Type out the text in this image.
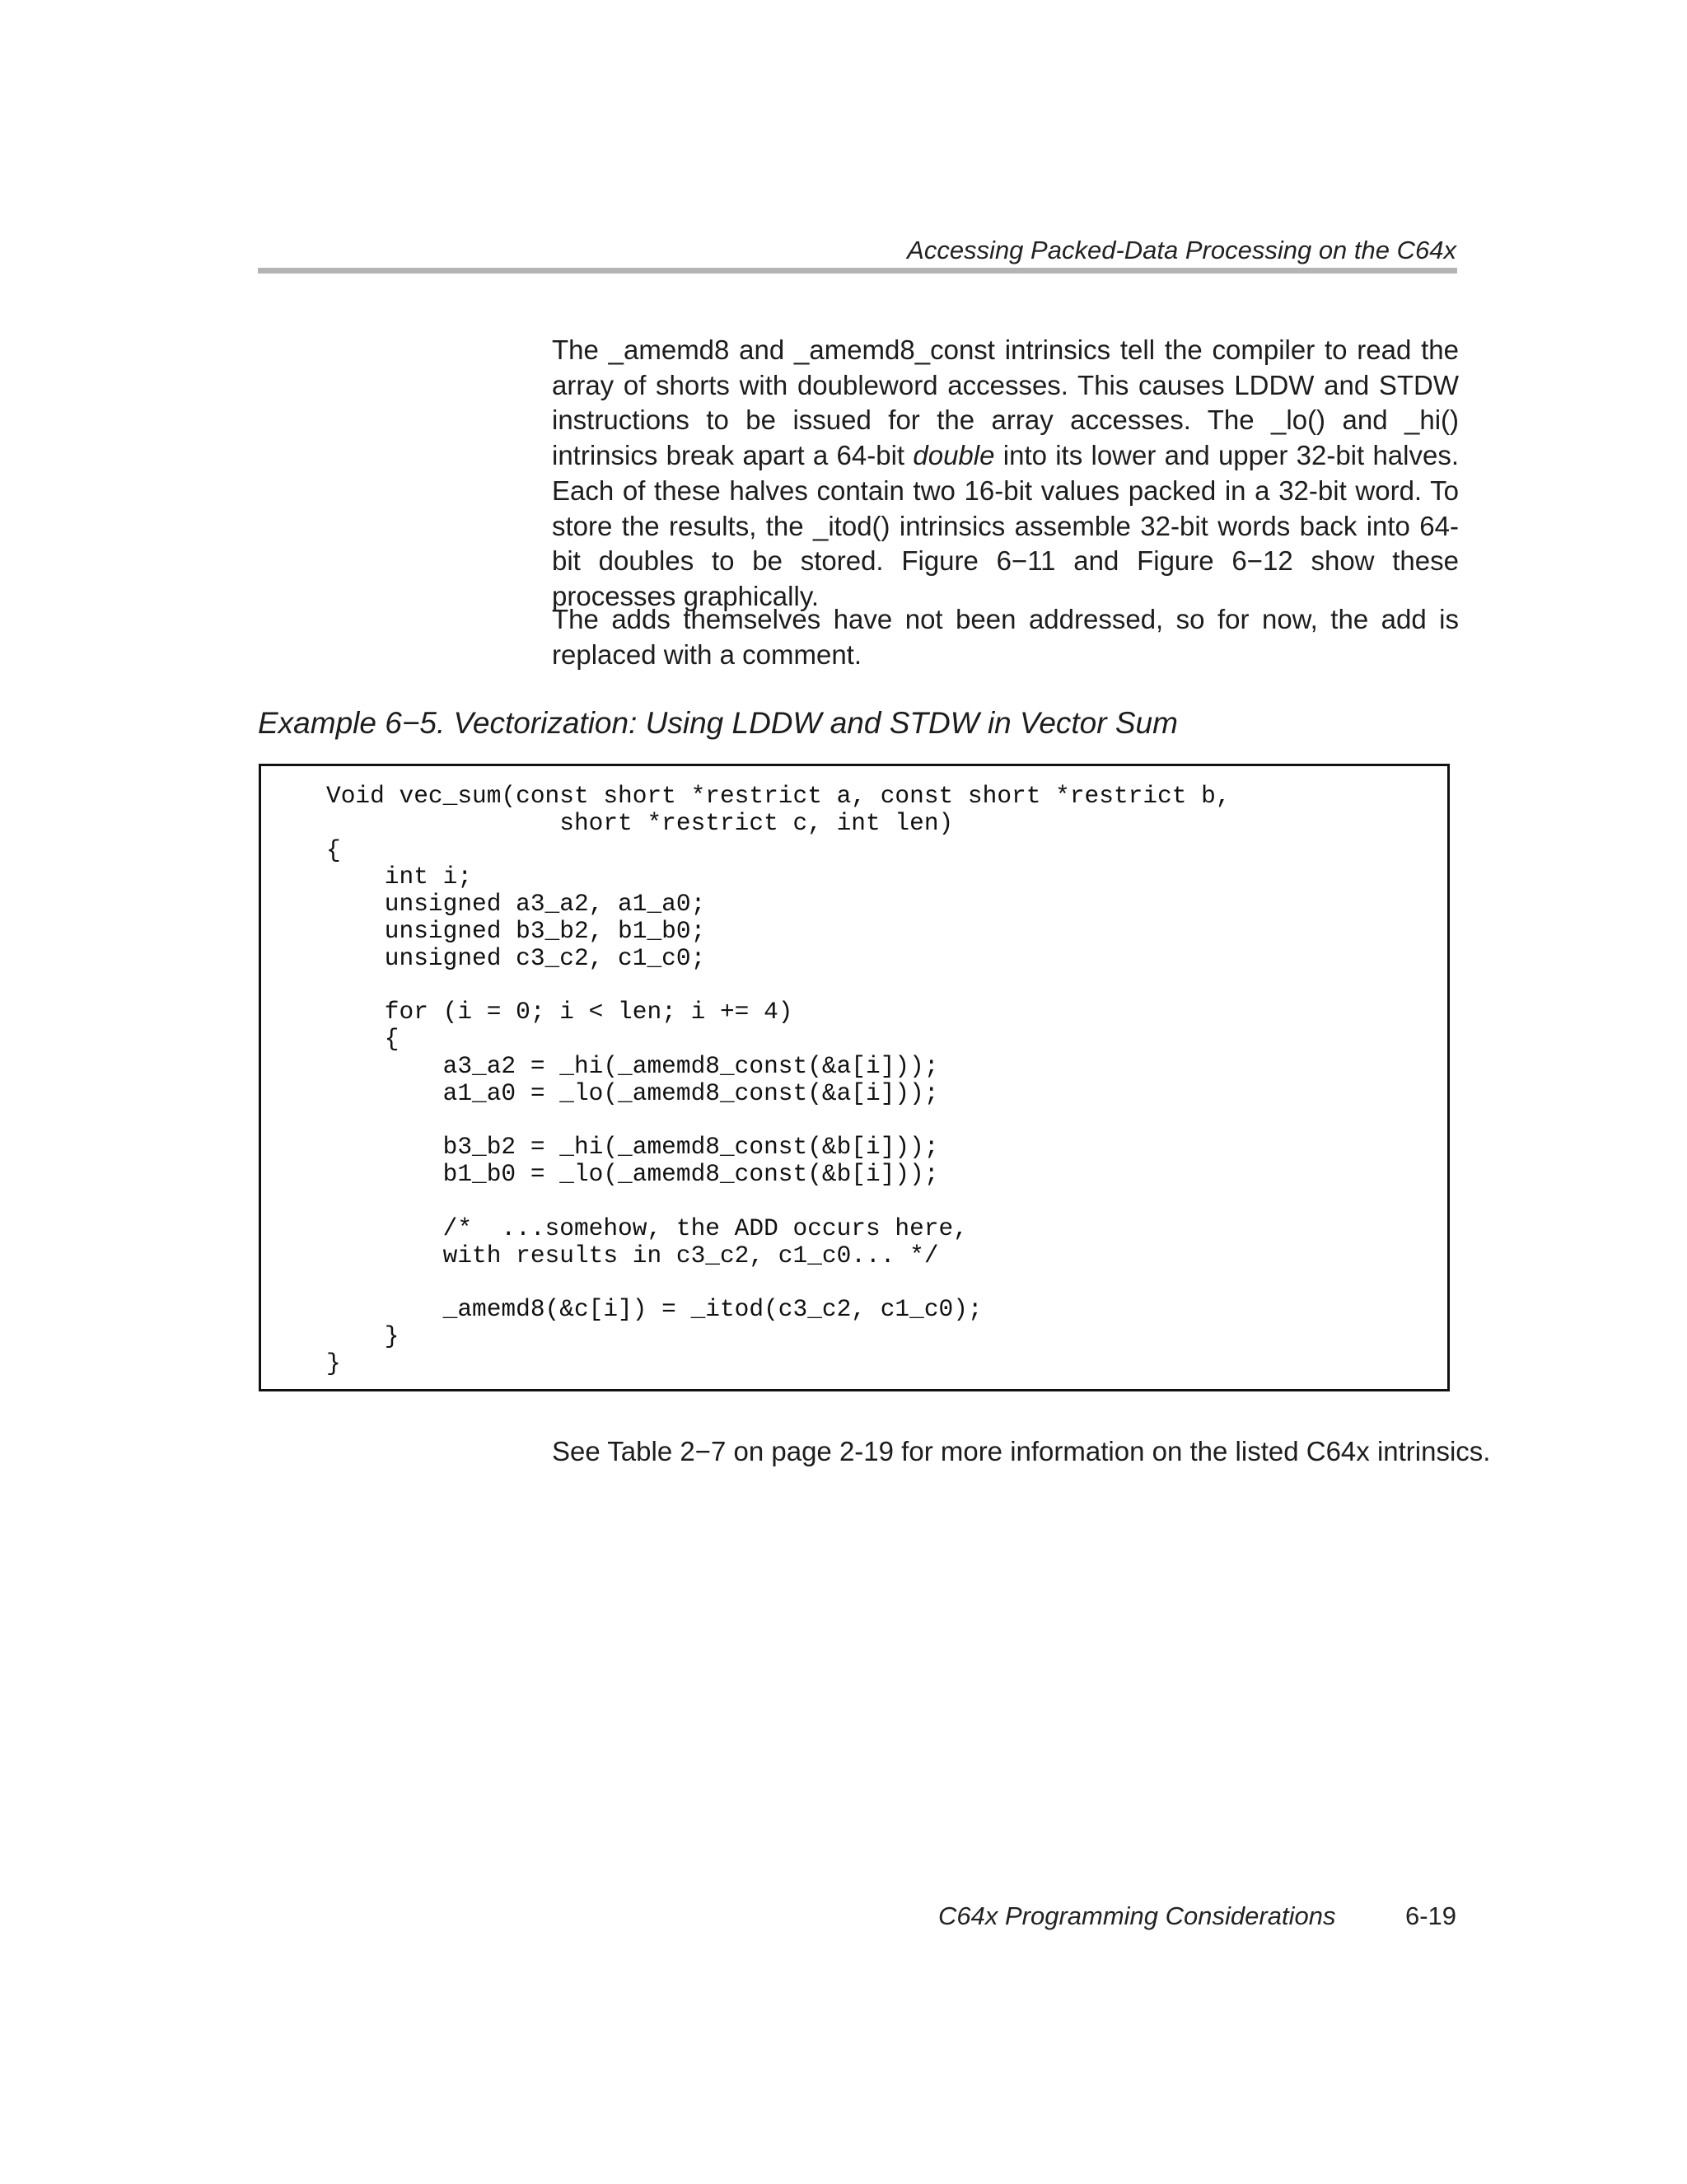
Accessing Packed-Data Processing on the C64x

The _amemd8 and _amemd8_const intrinsics tell the compiler to read the array of shorts with doubleword accesses. This causes LDDW and STDW instructions to be issued for the array accesses. The _lo() and _hi() intrinsics break apart a 64-bit double into its lower and upper 32-bit halves. Each of these halves contain two 16-bit values packed in a 32-bit word. To store the results, the _itod() intrinsics assemble 32-bit words back into 64-bit doubles to be stored. Figure 6−11 and Figure 6−12 show these processes graphically.

The adds themselves have not been addressed, so for now, the add is replaced with a comment.

Example 6−5. Vectorization: Using LDDW and STDW in Vector Sum
Void vec_sum(const short *restrict a, const short *restrict b,
short *restrict c, int len)
{
int i;
unsigned a3_a2, a1_a0;
unsigned b3_b2, b1_b0;
unsigned c3_c2, c1_c0;

for (i = 0; i < len; i += 4)
{
a3_a2 = _hi(_amemd8_const(&a[i]));
a1_a0 = _lo(_amemd8_const(&a[i]));

b3_b2 = _hi(_amemd8_const(&b[i]));
b1_b0 = _lo(_amemd8_const(&b[i]));

/*  ...somehow, the ADD occurs here,
with results in c3_c2, c1_c0... */

_amemd8(&c[i]) = _itod(c3_c2, c1_c0);
}
}

See Table 2−7 on page 2-19 for more information on the listed C64x intrinsics.

C64x Programming Considerations	6-19
